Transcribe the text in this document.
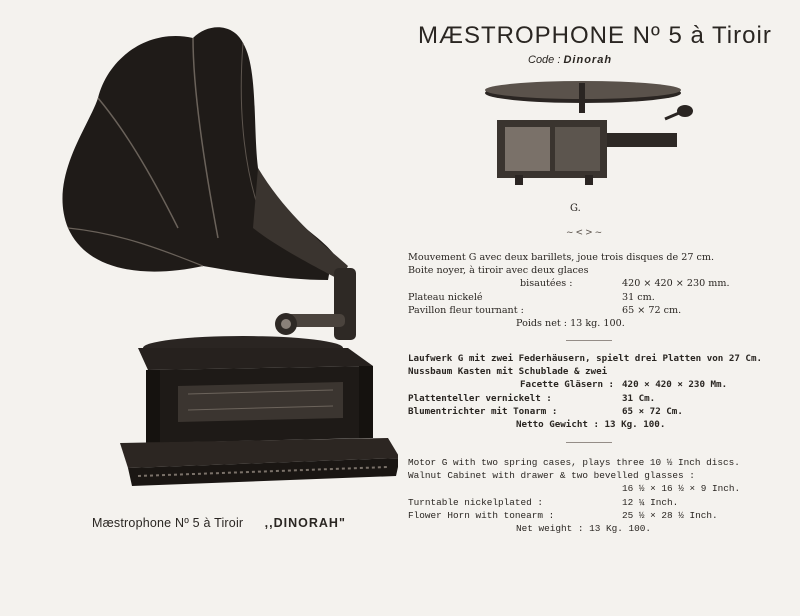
Mæstrophone Nº 5 à Tiroir ,,DINORAH"
MÆSTROPHONE Nº 5 à Tiroir
Code : Dinorah
G.
~<>~
Mouvement G avec deux barillets, joue trois disques de 27 cm.
Boite noyer, à tiroir avec deux glaces
bisautées :	420 × 420 × 230 mm.
Plateau nickelé	31 cm.
Pavillon fleur tournant :	65 × 72 cm.
Poids net : 13 kg. 100.
Laufwerk G mit zwei Federhäusern, spielt drei Platten von 27 Cm.
Nussbaum Kasten mit Schublade & zwei
Facette Gläsern : 420 × 420 × 230 Mm.
Plattenteller vernickelt :	31 Cm.
Blumentrichter mit Tonarm :	65 × 72 Cm.
Netto Gewicht : 13 Kg. 100.
Motor G with two spring cases, plays three 10 ½ Inch discs.
Walnut Cabinet with drawer & two bevelled glasses :
16 ½ × 16 ½ × 9 Inch.
Turntable nickelplated :	12 ¼ Inch.
Flower Horn with tonearm :	25 ½ × 28 ½ Inch.
Net weight : 13 Kg. 100.
